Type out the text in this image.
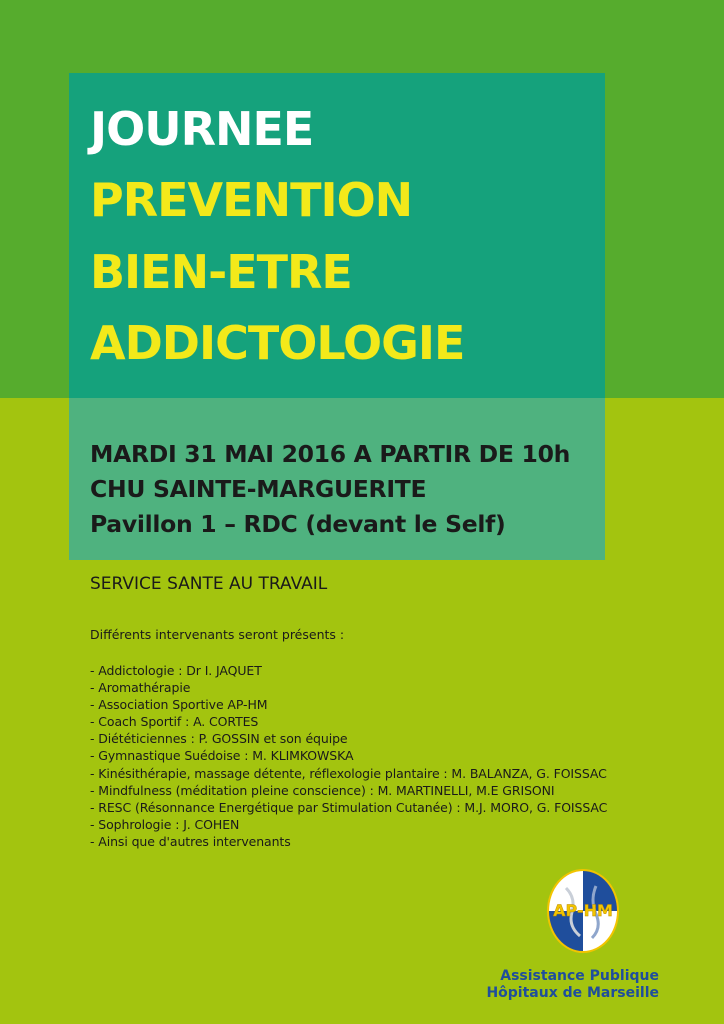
JOURNEE
PREVENTION
BIEN-ETRE
ADDICTOLOGIE
MARDI 31 MAI 2016 A PARTIR DE 10h
CHU SAINTE-MARGUERITE
Pavillon 1 – RDC (devant le Self)
SERVICE SANTE AU TRAVAIL
Différents intervenants seront présents :
- Addictologie : Dr I. JAQUET
- Aromathérapie
- Association Sportive AP-HM
- Coach Sportif : A. CORTES
- Diététiciennes : P. GOSSIN et son équipe
- Gymnastique Suédoise : M. KLIMKOWSKA
- Kinésithérapie, massage détente, réflexologie plantaire : M. BALANZA, G. FOISSAC
- Mindfulness (méditation pleine conscience) : M. MARTINELLI, M.E GRISONI
- RESC (Résonnance Energétique par Stimulation Cutanée) : M.J. MORO, G. FOISSAC
- Sophrologie : J. COHEN
- Ainsi que d'autres intervenants
AP-HM
Assistance Publique
Hôpitaux de Marseille
